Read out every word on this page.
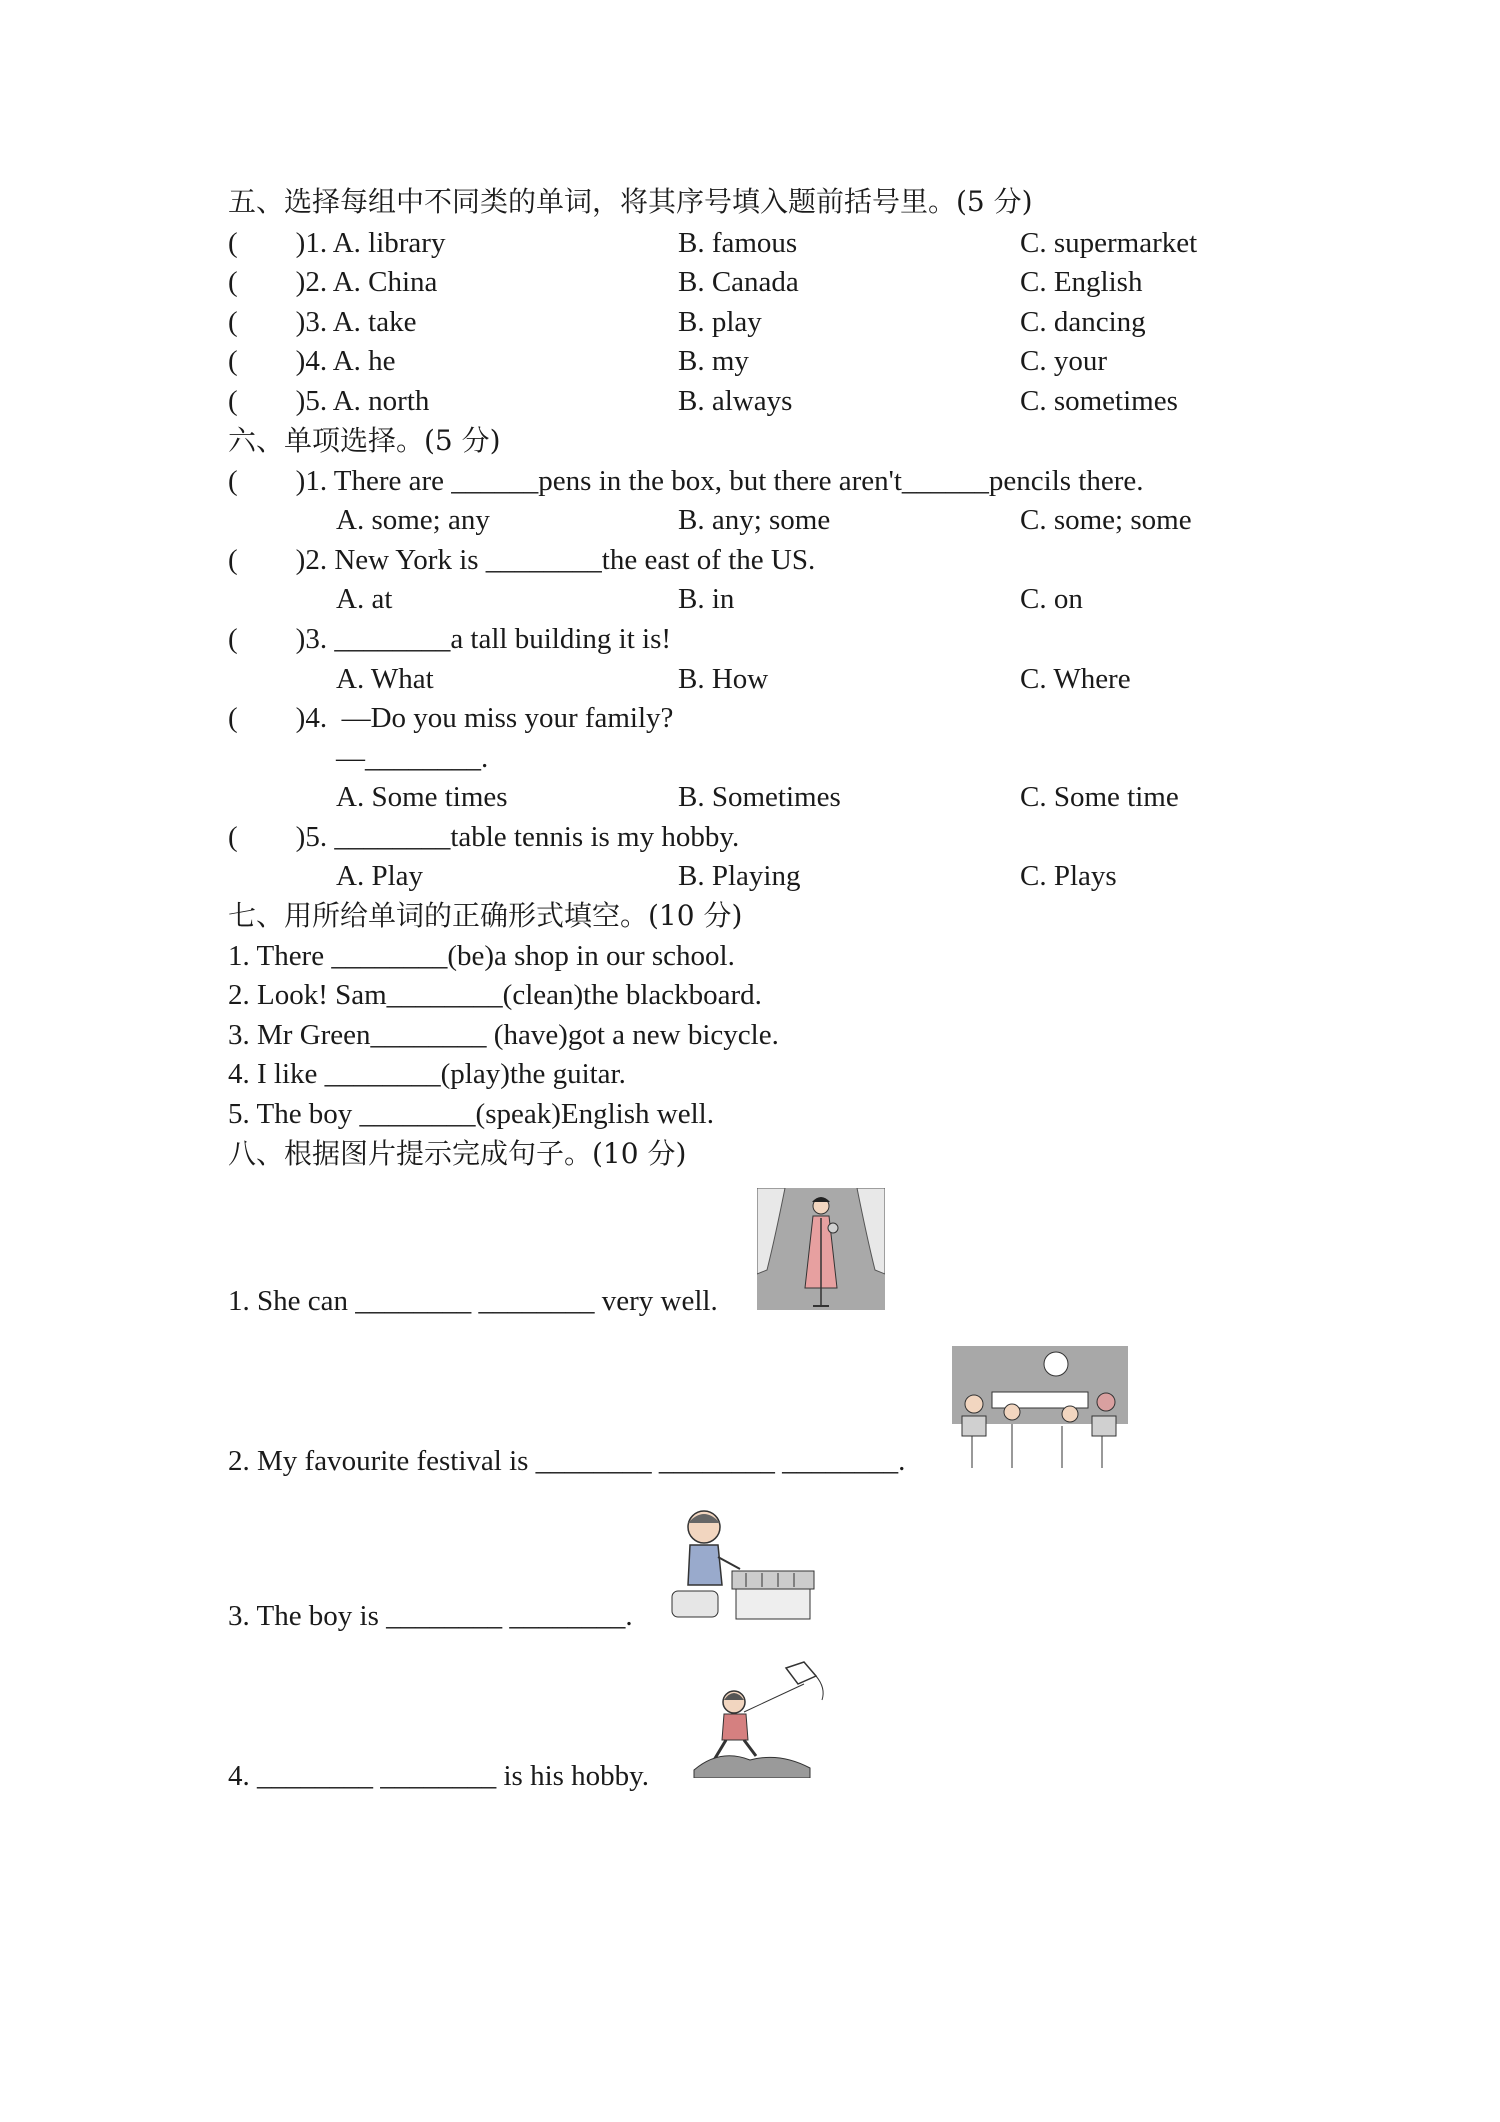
五、选择每组中不同类的单词，将其序号填入题前括号里。(5 分)
(        )1. A. library	B. famous	C. supermarket
(        )2. A. China	B. Canada	C. English
(        )3. A. take	B. play	C. dancing
(        )4. A. he	B. my	C. your
(        )5. A. north	B. always	C. sometimes
六、单项选择。(5 分)
(        )1. There are ______pens in the box, but there aren't______pencils there.
A. some; any	B. any; some	C. some; some
(        )2. New York is ________the east of the US.
A. at	B. in	C. on
(        )3. ________a tall building it is!
A. What	B. How	C. Where
(        )4.  —Do you miss your family?
—________.
A. Some times	B. Sometimes	C. Some time
(        )5. ________table tennis is my hobby.
A. Play	B. Playing	C. Plays
七、用所给单词的正确形式填空。(10 分)
1. There ________(be)a shop in our school.
2. Look! Sam________(clean)the blackboard.
3. Mr Green________ (have)got a new bicycle.
4. I like ________(play)the guitar.
5. The boy ________(speak)English well.
八、根据图片提示完成句子。(10 分)
1. She can ________ ________ very well.
2. My favourite festival is ________ ________ ________.
3. The boy is ________ ________.
4. ________ ________ is his hobby.
